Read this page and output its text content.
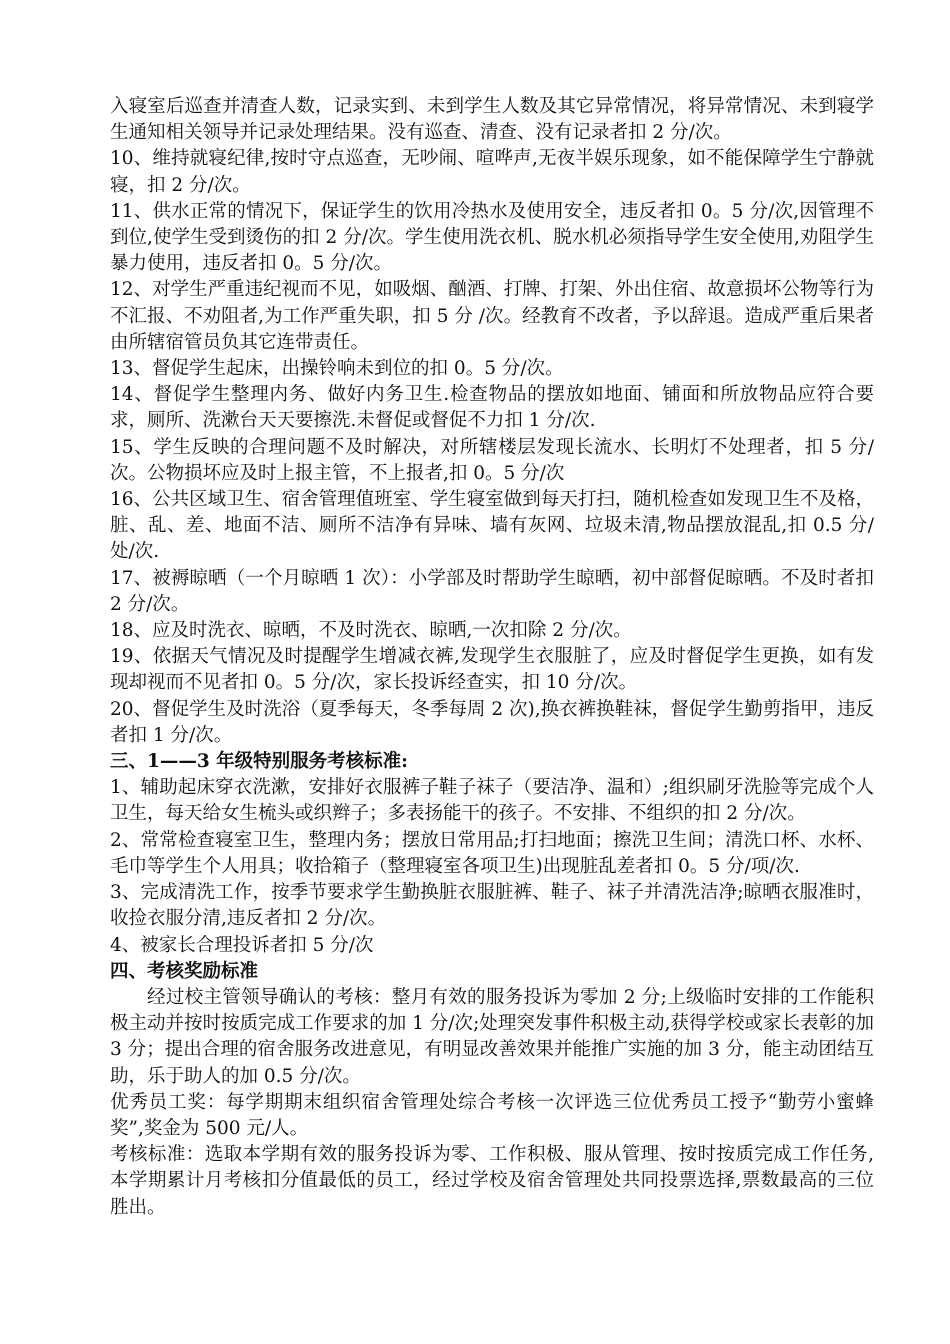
入寝室后巡查并清查人数，记录实到、未到学生人数及其它异常情况，将异常情况、未到寝学生通知相关领导并记录处理结果。没有巡查、清查、没有记录者扣 2 分/次。

10、维持就寝纪律,按时守点巡查，无吵闹、喧哗声,无夜半娱乐现象，如不能保障学生宁静就寝，扣 2 分/次。

11、供水正常的情况下，保证学生的饮用冷热水及使用安全，违反者扣 0。5 分/次,因管理不到位,使学生受到烫伤的扣 2 分/次。学生使用洗衣机、脱水机必须指导学生安全使用,劝阻学生暴力使用，违反者扣 0。5 分/次。

12、对学生严重违纪视而不见，如吸烟、酗酒、打牌、打架、外出住宿、故意损坏公物等行为不汇报、不劝阻者,为工作严重失职，扣 5 分 /次。经教育不改者，予以辞退。造成严重后果者由所辖宿管员负其它连带责任。

13、督促学生起床，出操铃响未到位的扣 0。5 分/次。

14、督促学生整理内务、做好内务卫生.检查物品的摆放如地面、铺面和所放物品应符合要求，厕所、洗漱台天天要擦洗.未督促或督促不力扣 1 分/次.

15、学生反映的合理问题不及时解决，对所辖楼层发现长流水、长明灯不处理者，扣 5 分/次。公物损坏应及时上报主管，不上报者,扣 0。5 分/次

16、公共区域卫生、宿舍管理值班室、学生寝室做到每天打扫，随机检查如发现卫生不及格，脏、乱、差、地面不洁、厕所不洁净有异味、墙有灰网、垃圾未清,物品摆放混乱,扣 0.5 分/处/次.

17、被褥晾晒（一个月晾晒 1 次）：小学部及时帮助学生晾晒，初中部督促晾晒。不及时者扣 2 分/次。

18、应及时洗衣、晾晒，不及时洗衣、晾晒,一次扣除 2 分/次。

19、依据天气情况及时提醒学生增减衣裤,发现学生衣服脏了，应及时督促学生更换，如有发现却视而不见者扣 0。5 分/次，家长投诉经查实，扣 10 分/次。

20、督促学生及时洗浴（夏季每天，冬季每周 2 次),换衣裤换鞋袜，督促学生勤剪指甲，违反者扣 1 分/次。

三、1——3 年级特别服务考核标准:

1、辅助起床穿衣洗漱，安排好衣服裤子鞋子袜子（要洁净、温和）;组织刷牙洗脸等完成个人卫生，每天给女生梳头或织辫子；多表扬能干的孩子。不安排、不组织的扣 2 分/次。

2、常常检查寝室卫生，整理内务；摆放日常用品;打扫地面；擦洗卫生间；清洗口杯、水杯、毛巾等学生个人用具；收拾箱子（整理寝室各项卫生)出现脏乱差者扣 0。5 分/项/次.

3、完成清洗工作，按季节要求学生勤换脏衣服脏裤、鞋子、袜子并清洗洁净;晾晒衣服准时，收捡衣服分清,违反者扣 2 分/次。

4、被家长合理投诉者扣 5 分/次

四、考核奖励标准

经过校主管领导确认的考核：整月有效的服务投诉为零加 2 分;上级临时安排的工作能积极主动并按时按质完成工作要求的加 1 分/次;处理突发事件积极主动,获得学校或家长表彰的加 3 分；提出合理的宿舍服务改进意见，有明显改善效果并能推广实施的加 3 分，能主动团结互助，乐于助人的加 0.5 分/次。

优秀员工奖：每学期期末组织宿舍管理处综合考核一次评选三位优秀员工授予“勤劳小蜜蜂奖”,奖金为 500 元/人。

考核标准：选取本学期有效的服务投诉为零、工作积极、服从管理、按时按质完成工作任务,本学期累计月考核扣分值最低的员工，经过学校及宿舍管理处共同投票选择,票数最高的三位胜出。
